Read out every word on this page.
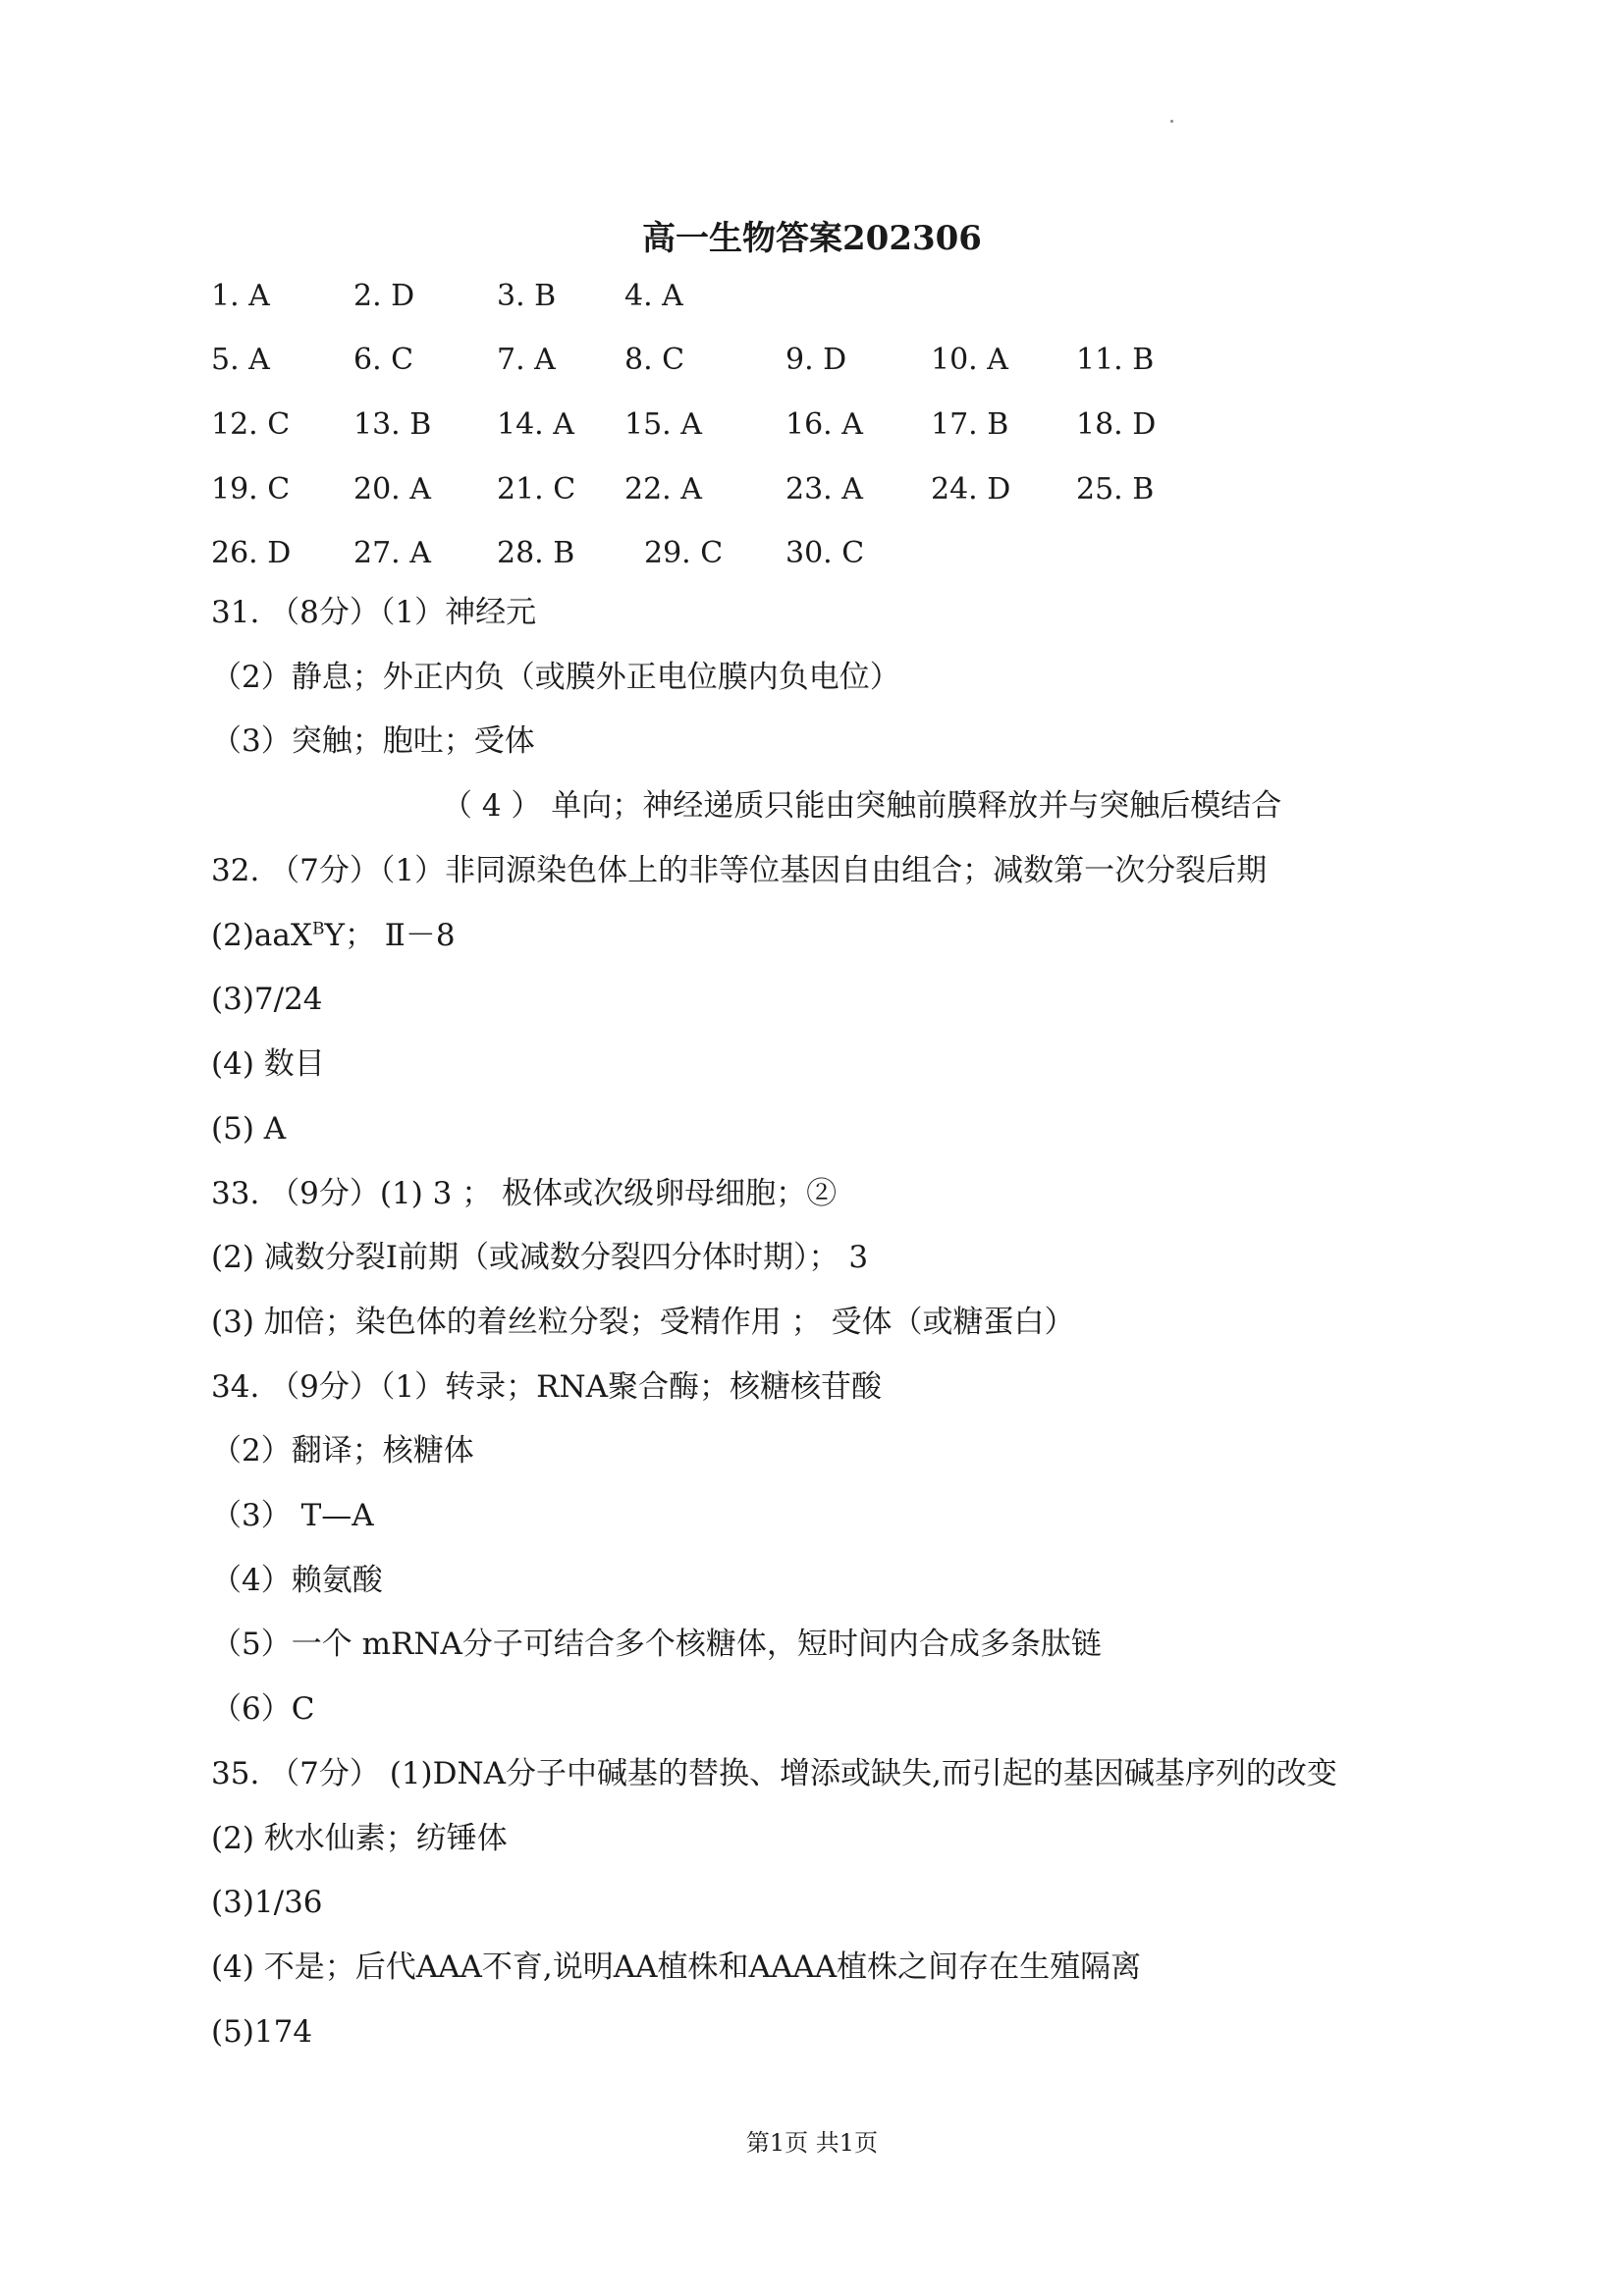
高一生物答案202306
1. A	2. D	3. B 4. A
5. A	6. C	7. A 8. C	9. D	10. A 11. B
12. C 13. B 14. A 15. A	16. A 17. B 18. D
19. C 20. A 21. C 22. A	23. A 24. D 25. B
26. D 27. A 28. B 29. C 30. C
31. （8分）（1）神经元
（2）静息；外正内负（或膜外正电位膜内负电位）
（3）突触；胞吐；受体
（ 4 ） 单向；神经递质只能由突触前膜释放并与突触后模结合
32. （7分）（1）非同源染色体上的非等位基因自由组合；减数第一次分裂后期
(2)aaX$^B$Y； Ⅱ－8
(3)7/24
(4) 数目
(5) A
33. （9分）(1) 3 ； 极体或次级卵母细胞；②
(2) 减数分裂Ⅰ前期（或减数分裂四分体时期）； 3
(3) 加倍；染色体的着丝粒分裂；受精作用 ； 受体（或糖蛋白）
34. （9分）（1）转录；RNA聚合酶；核糖核苷酸
（2）翻译；核糖体
（3） T—A
（4）赖氨酸
（5）一个 mRNA分子可结合多个核糖体，短时间内合成多条肽链
（6）C
35. （7分） (1)DNA分子中碱基的替换、增添或缺失,而引起的基因碱基序列的改变
(2) 秋水仙素；纺锤体
(3)1/36
(4) 不是；后代AAA不育,说明AA植株和AAAA植株之间存在生殖隔离
(5)174
第1页 共1页
